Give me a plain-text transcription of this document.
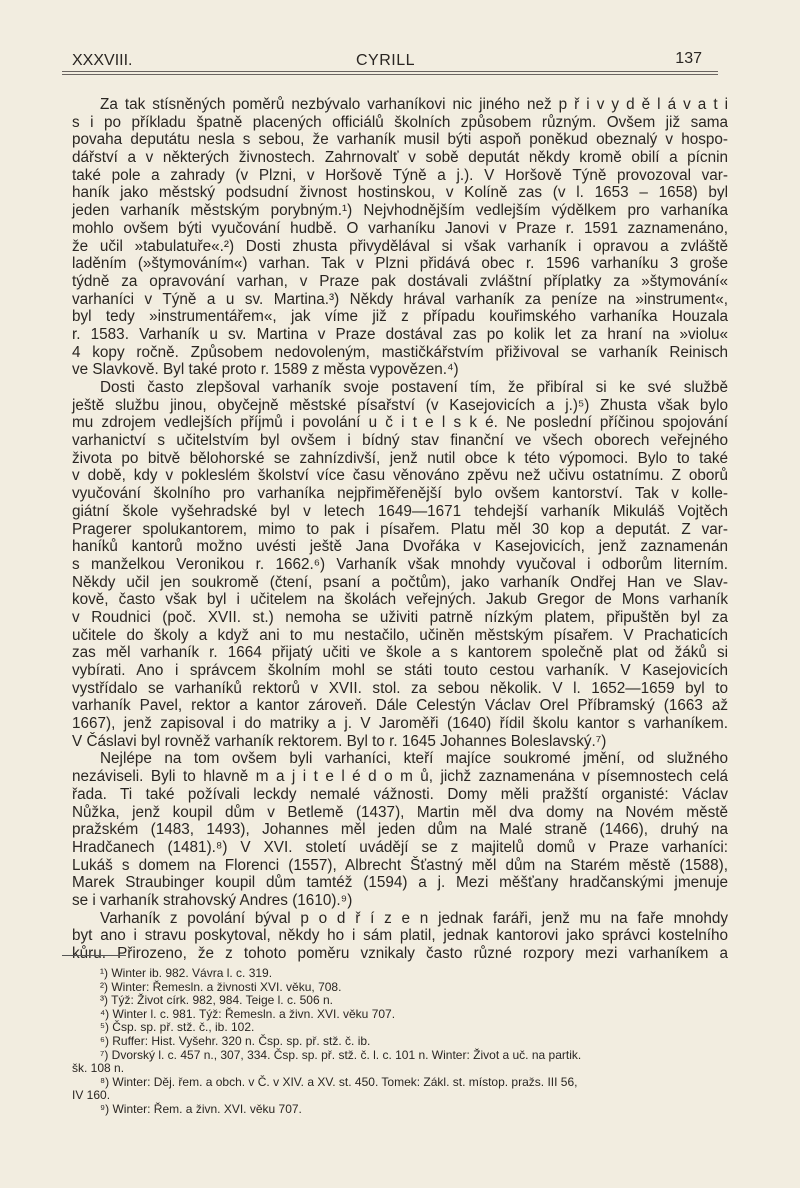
XXXVIII.	CYRILL	137
Za tak stísněných poměrů nezbývalo varhaníkovi nic jiného než p ř i v y d ě l á v a t i
s i po příkladu špatně placených officiálů školních způsobem různým. Ovšem již sama
povaha deputátu nesla s sebou, že varhaník musil býti aspoň poněkud obeznalý v hospo-
dářství a v některých živnostech. Zahrnovalť v sobě deputát někdy kromě obilí a pícnin
také pole a zahrady (v Plzni, v Horšově Týně a j.). V Horšově Týně provozoval var-
haník jako městský podsudní živnost hostinskou, v Kolíně zas (v l. 1653 – 1658) byl
jeden varhaník městským porybným.¹) Nejvhodnějším vedlejším výdělkem pro varhaníka
mohlo ovšem býti vyučování hudbě. O varhaníku Janovi v Praze r. 1591 zaznamenáno,
že učil »tabulatuře«.²) Dosti zhusta přivydělával si však varhaník i opravou a zvláště
laděním (»štymováním«) varhan. Tak v Plzni přidává obec r. 1596 varhaníku 3 groše
týdně za opravování varhan, v Praze pak dostávali zvláštní příplatky za »štymování«
varhaníci v Týně a u sv. Martina.³) Někdy hrával varhaník za peníze na »instrument«,
byl tedy »instrumentářem«, jak víme již z případu kouřimského varhaníka Houzala
r. 1583. Varhaník u sv. Martina v Praze dostával zas po kolik let za hraní na »violu«
4 kopy ročně. Způsobem nedovoleným, mastičkářstvím přiživoval se varhaník Reinisch
ve Slavkově. Byl také proto r. 1589 z města vypovězen.⁴)
Dosti často zlepšoval varhaník svoje postavení tím, že přibíral si ke své službě
ještě službu jinou, obyčejně městské písařství (v Kasejovicích a j.)⁵) Zhusta však bylo
mu zdrojem vedlejších příjmů i povolání u č i t e l s k é. Ne poslední příčinou spojování
varhanictví s učitelstvím byl ovšem i bídný stav finanční ve všech oborech veřejného
života po bitvě bělohorské se zahnízdivší, jenž nutil obce k této výpomoci. Bylo to také
v době, kdy v pokleslém školství více času věnováno zpěvu než učivu ostatnímu. Z oborů
vyučování školního pro varhaníka nejpřiměřenější bylo ovšem kantorství. Tak v kolle-
giátní škole vyšehradské byl v letech 1649—1671 tehdejší varhaník Mikuláš Vojtěch
Pragerer spolukantorem, mimo to pak i písařem. Platu měl 30 kop a deputát. Z var-
haníků kantorů možno uvésti ještě Jana Dvořáka v Kasejovicích, jenž zaznamenán
s manželkou Veronikou r. 1662.⁶) Varhaník však mnohdy vyučoval i odborům literním.
Někdy učil jen soukromě (čtení, psaní a počtům), jako varhaník Ondřej Han ve Slav-
kově, často však byl i učitelem na školách veřejných. Jakub Gregor de Mons varhaník
v Roudnici (poč. XVII. st.) nemoha se uživiti patrně nízkým platem, připuštěn byl za
učitele do školy a když ani to mu nestačilo, učiněn městským písařem. V Prachaticích
zas měl varhaník r. 1664 přijatý učiti ve škole a s kantorem společně plat od žáků si
vybírati. Ano i správcem školním mohl se státi touto cestou varhaník. V Kasejovicích
vystřídalo se varhaníků rektorů v XVII. stol. za sebou několik. V l. 1652—1659 byl to
varhaník Pavel, rektor a kantor zároveň. Dále Celestýn Václav Orel Příbramský (1663 až
1667), jenž zapisoval i do matriky a j. V Jaroměři (1640) řídil školu kantor s varhaníkem.
V Čáslavi byl rovněž varhaník rektorem. Byl to r. 1645 Johannes Boleslavský.⁷)
Nejlépe na tom ovšem byli varhaníci, kteří majíce soukromé jmění, od služného
nezáviseli. Byli to hlavně m a j i t e l é d o m ů, jichž zaznamenána v písemnostech celá
řada. Ti také požívali leckdy nemalé vážnosti. Domy měli pražští organisté: Václav
Nůžka, jenž koupil dům v Betlemě (1437), Martin měl dva domy na Novém městě
pražském (1483, 1493), Johannes měl jeden dům na Malé straně (1466), druhý na
Hradčanech (1481).⁸) V XVI. století uvádějí se z majitelů domů v Praze varhaníci:
Lukáš s domem na Florenci (1557), Albrecht Šťastný měl dům na Starém městě (1588),
Marek Straubinger koupil dům tamtéž (1594) a j. Mezi měšťany hradčanskými jmenuje
se i varhaník strahovský Andres (1610).⁹)
Varhaník z povolání býval p o d ř í z e n jednak faráři, jenž mu na faře mnohdy
byt ano i stravu poskytoval, někdy ho i sám platil, jednak kantorovi jako správci kostelního
kůru. Přirozeno, že z tohoto poměru vznikaly často různé rozpory mezi varhaníkem a
¹) Winter ib. 982. Vávra l. c. 319.
²) Winter: Řemesln. a živnosti XVI. věku, 708.
³) Týž: Život círk. 982, 984. Teige l. c. 506 n.
⁴) Winter l. c. 981. Týž: Řemesln. a živn. XVI. věku 707.
⁵) Čsp. sp. př. stž. č., ib. 102.
⁶) Ruffer: Hist. Vyšehr. 320 n. Čsp. sp. př. stž. č. ib.
⁷) Dvorský l. c. 457 n., 307, 334. Čsp. sp. př. stž. č. l. c. 101 n. Winter: Život a uč. na partik.
šk. 108 n.
⁸) Winter: Děj. řem. a obch. v Č. v XIV. a XV. st. 450. Tomek: Zákl. st. místop. pražs. III 56,
IV 160.
⁹) Winter: Řem. a živn. XVI. věku 707.
